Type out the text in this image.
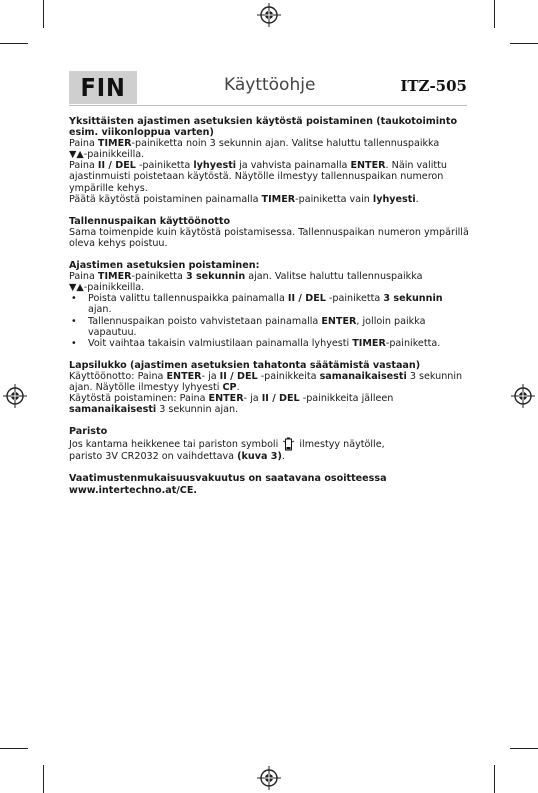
FIN	Käyttöohje	ITZ-505

Yksittäisten ajastimen asetuksien käytöstä poistaminen (taukotoiminto esim. viikonloppua varten)

Paina TIMER-painiketta noin 3 sekunnin ajan. Valitse haluttu tallennuspaikka

▼▲-painikkeilla.

Paina II / DEL -painiketta lyhyesti ja vahvista painamalla ENTER. Näin valittu ajastinmuisti poistetaan käytöstä. Näytölle ilmestyy tallennuspaikan numeron ympärille kehys.

Päätä käytöstä poistaminen painamalla TIMER-painiketta vain lyhyesti.

Tallennuspaikan käyttöönotto

Sama toimenpide kuin käytöstä poistamisessa. Tallennuspaikan numeron ympärillä oleva kehys poistuu.

Ajastimen asetuksien poistaminen:

Paina TIMER-painiketta 3 sekunnin ajan. Valitse haluttu tallennuspaikka

▼▲-painikkeilla.

• Poista valittu tallennuspaikka painamalla II / DEL -painiketta 3 sekunnin ajan.
• Tallennuspaikan poisto vahvistetaan painamalla ENTER, jolloin paikka vapautuu.
• Voit vaihtaa takaisin valmiustilaan painamalla lyhyesti TIMER-painiketta.

Lapsilukko (ajastimen asetuksien tahatonta säätämistä vastaan)

Käyttöönotto: Paina ENTER- ja II / DEL -painikkeita samanaikaisesti 3 sekunnin ajan. Näytölle ilmestyy lyhyesti CP.

Käytöstä poistaminen: Paina ENTER- ja II / DEL -painikkeita jälleen samanaikaisesti 3 sekunnin ajan.

Paristo

Jos kantama heikkenee tai pariston symboli  ilmestyy näytölle,

paristo 3V CR2032 on vaihdettava (kuva 3).

Vaatimustenmukaisuusvakuutus on saatavana osoitteessa

www.intertechno.at/CE.
